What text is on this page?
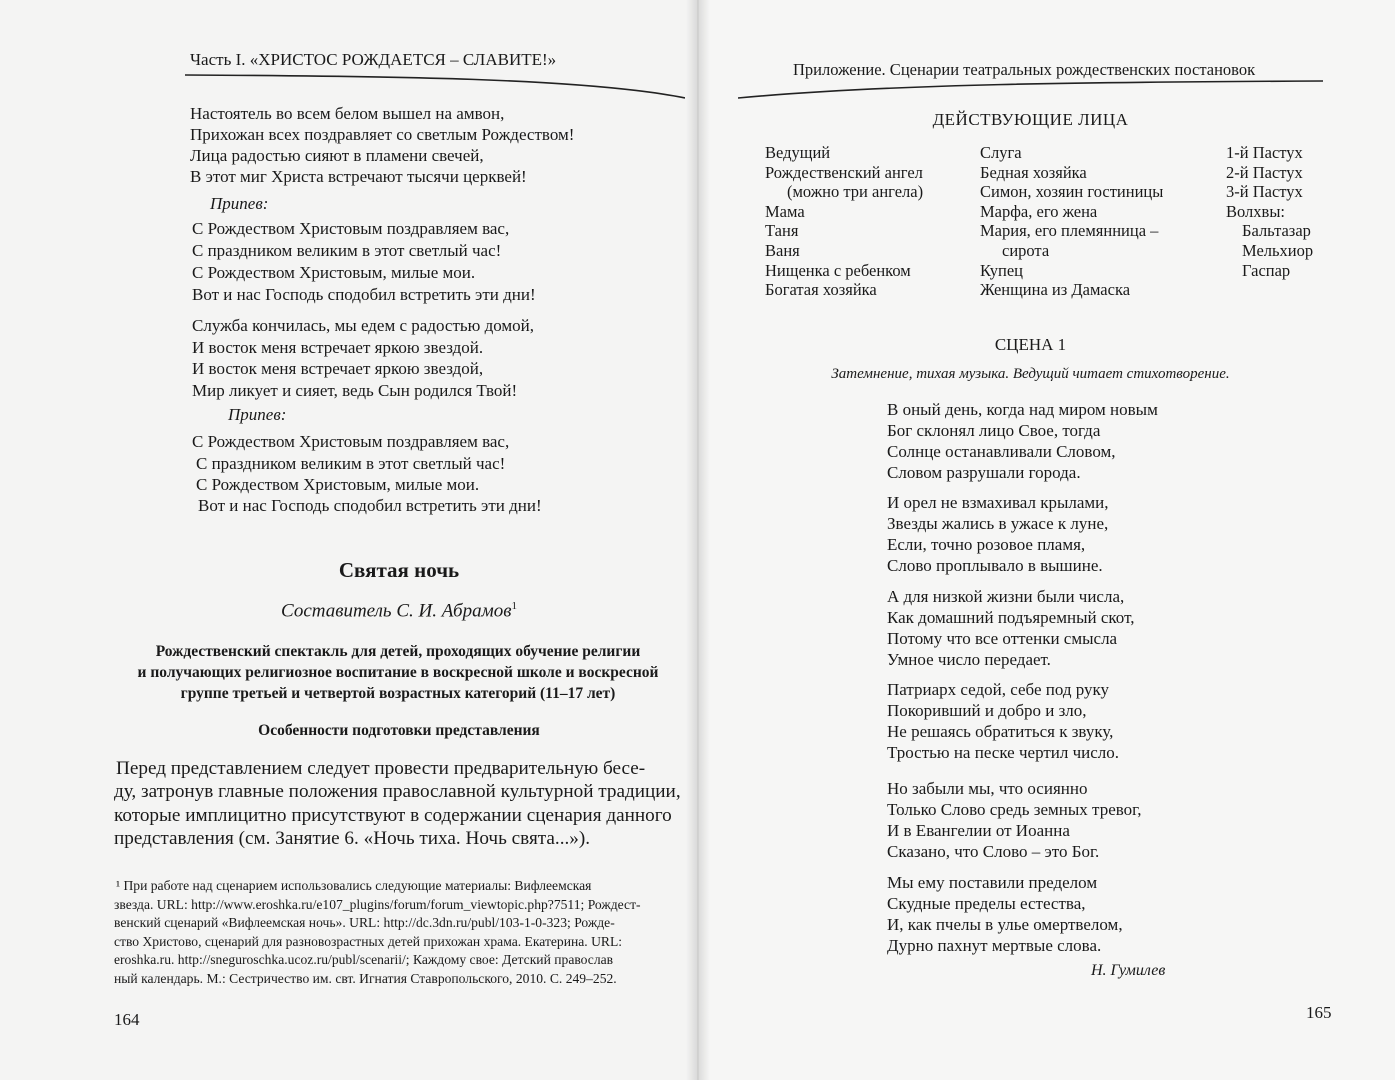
Часть I. «ХРИСТОС РОЖДАЕТСЯ – СЛАВИТЕ!»
Настоятель во всем белом вышел на амвон,
Прихожан всех поздравляет со светлым Рождеством!
Лица радостью сияют в пламени свечей,
В этот миг Христа встречают тысячи церквей!
Припев:
С Рождеством Христовым поздравляем вас,
С праздником великим в этот светлый час!
С Рождеством Христовым, милые мои.
Вот и нас Господь сподобил встретить эти дни!
Служба кончилась, мы едем с радостью домой,
И восток меня встречает яркою звездой.
И восток меня встречает яркою звездой,
Мир ликует и сияет, ведь Сын родился Твой!
Припев:
С Рождеством Христовым поздравляем вас,
С праздником великим в этот светлый час!
С Рождеством Христовым, милые мои.
Вот и нас Господь сподобил встретить эти дни!
Святая ночь
Составитель С. И. Абрамов$^1$
Рождественский спектакль для детей, проходящих обучение религии
и получающих религиозное воспитание в воскресной школе и воскресной
группе третьей и четвертой возрастных категорий (11–17 лет)
Особенности подготовки представления
Перед представлением следует провести предварительную бесе-
ду, затронув главные положения православной культурной традиции,
которые имплицитно присутствуют в содержании сценария данного
представления (см. Занятие 6. «Ночь тиха. Ночь свята...»).
¹ При работе над сценарием использовались следующие материалы: Вифлеемская
звезда. URL: http://www.eroshka.ru/e107_plugins/forum/forum_viewtopic.php?7511; Рождест-
венский сценарий «Вифлеемская ночь». URL: http://dc.3dn.ru/publ/103-1-0-323; Рожде-
ство Христово, сценарий для разновозрастных детей прихожан храма. Екатерина. URL:
eroshka.ru. http://sneguroschka.ucoz.ru/publ/scenarii/; Каждому свое: Детский православ
ный календарь. М.: Сестричество им. свт. Игнатия Ставропольского, 2010. С. 249–252.
164
Приложение. Сценарии театральных рождественских постановок
ДЕЙСТВУЮЩИЕ ЛИЦА
Ведущий
Рождественский ангел
(можно три ангела)
Мама
Таня
Ваня
Нищенка с ребенком
Богатая хозяйка
Слуга
Бедная хозяйка
Симон, хозяин гостиницы
Марфа, его жена
Мария, его племянница –
сирота
Купец
Женщина из Дамаска
1-й Пастух
2-й Пастух
3-й Пастух
Волхвы:
Бальтазар
Мельхиор
Гаспар
СЦЕНА 1
Затемнение, тихая музыка. Ведущий читает стихотворение.
В оный день, когда над миром новым
Бог склонял лицо Свое, тогда
Солнце останавливали Словом,
Словом разрушали города.
И орел не взмахивал крылами,
Звезды жались в ужасе к луне,
Если, точно розовое пламя,
Слово проплывало в вышине.
А для низкой жизни были числа,
Как домашний подъяремный скот,
Потому что все оттенки смысла
Умное число передает.
Патриарх седой, себе под руку
Покоривший и добро и зло,
Не решаясь обратиться к звуку,
Тростью на песке чертил число.
Но забыли мы, что осиянно
Только Слово средь земных тревог,
И в Евангелии от Иоанна
Сказано, что Слово – это Бог.
Мы ему поставили пределом
Скудные пределы естества,
И, как пчелы в улье омертвелом,
Дурно пахнут мертвые слова.
Н. Гумилев
165
